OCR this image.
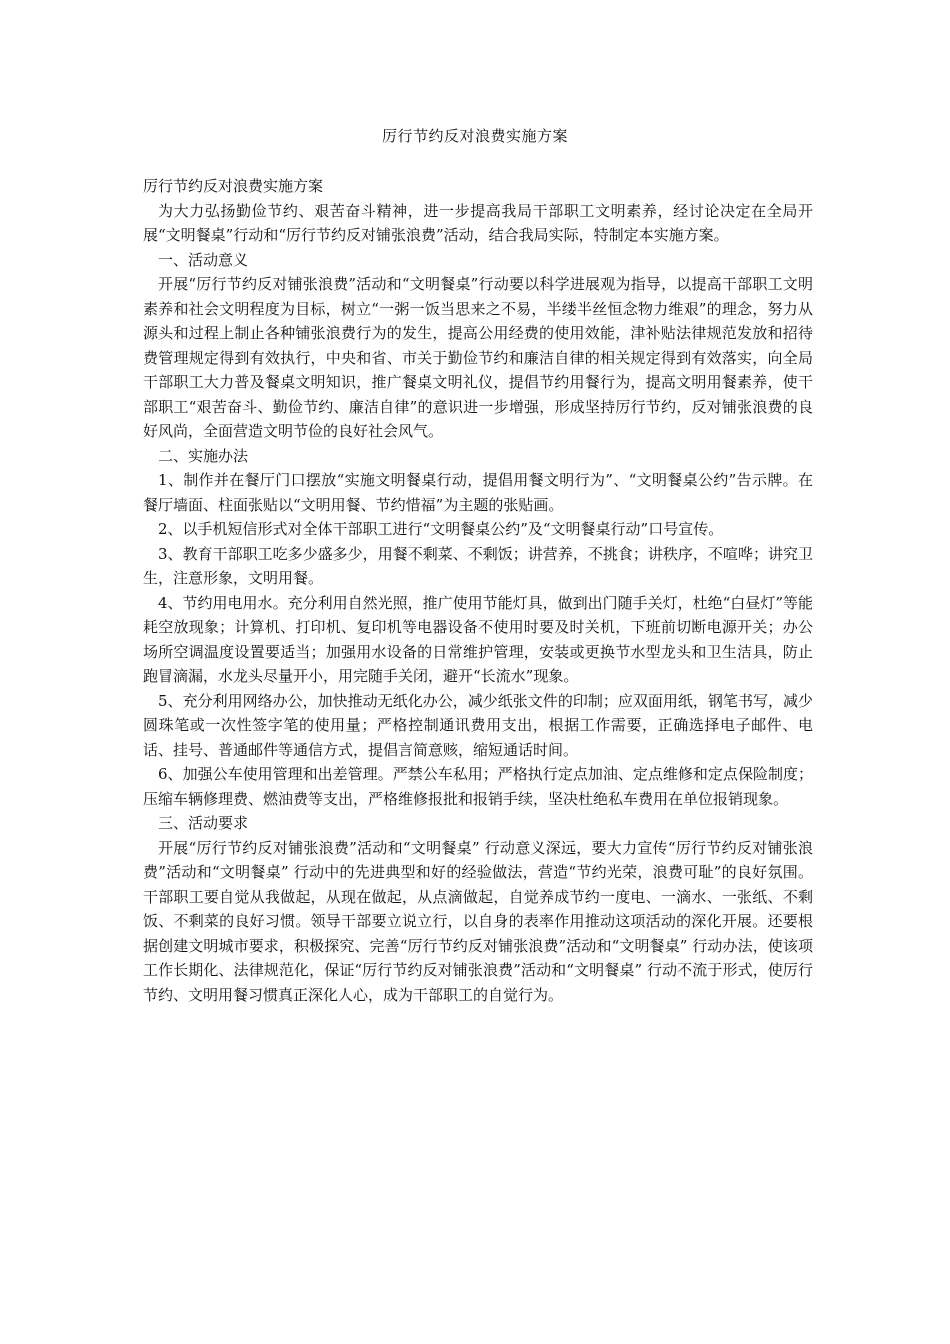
厉行节约反对浪费实施方案

厉行节约反对浪费实施方案

为大力弘扬勤俭节约、艰苦奋斗精神，进一步提高我局干部职工文明素养，经讨论决定在全局开展“文明餐桌”行动和“厉行节约反对铺张浪费”活动，结合我局实际，特制定本实施方案。

一、活动意义

开展“厉行节约反对铺张浪费”活动和“文明餐桌”行动要以科学进展观为指导，以提高干部职工文明素养和社会文明程度为目标，树立“一粥一饭当思来之不易，半缕半丝恒念物力维艰”的理念，努力从源头和过程上制止各种铺张浪费行为的发生，提高公用经费的使用效能，津补贴法律规范发放和招待费管理规定得到有效执行，中央和省、市关于勤俭节约和廉洁自律的相关规定得到有效落实，向全局干部职工大力普及餐桌文明知识，推广餐桌文明礼仪，提倡节约用餐行为，提高文明用餐素养，使干部职工“艰苦奋斗、勤俭节约、廉洁自律”的意识进一步增强，形成坚持厉行节约，反对铺张浪费的良好风尚，全面营造文明节俭的良好社会风气。

二、实施办法

1、制作并在餐厅门口摆放“实施文明餐桌行动，提倡用餐文明行为”、“文明餐桌公约”告示牌。在餐厅墙面、柱面张贴以“文明用餐、节约惜福”为主题的张贴画。

2、以手机短信形式对全体干部职工进行“文明餐桌公约”及“文明餐桌行动”口号宣传。

3、教育干部职工吃多少盛多少，用餐不剩菜、不剩饭；讲营养，不挑食；讲秩序，不喧哗；讲究卫生，注意形象，文明用餐。

4、节约用电用水。充分利用自然光照，推广使用节能灯具，做到出门随手关灯，杜绝“白昼灯”等能耗空放现象；计算机、打印机、复印机等电器设备不使用时要及时关机，下班前切断电源开关；办公场所空调温度设置要适当；加强用水设备的日常维护管理，安装或更换节水型龙头和卫生洁具，防止跑冒滴漏，水龙头尽量开小，用完随手关闭，避开“长流水”现象。

5、充分利用网络办公，加快推动无纸化办公，减少纸张文件的印制；应双面用纸，钢笔书写，减少圆珠笔或一次性签字笔的使用量；严格控制通讯费用支出，根据工作需要，正确选择电子邮件、电话、挂号、普通邮件等通信方式，提倡言简意赅，缩短通话时间。

6、加强公车使用管理和出差管理。严禁公车私用；严格执行定点加油、定点维修和定点保险制度；压缩车辆修理费、燃油费等支出，严格维修报批和报销手续，坚决杜绝私车费用在单位报销现象。

三、活动要求

开展“厉行节约反对铺张浪费”活动和“文明餐桌” 行动意义深远，要大力宣传“厉行节约反对铺张浪费”活动和“文明餐桌” 行动中的先进典型和好的经验做法，营造“节约光荣，浪费可耻”的良好氛围。干部职工要自觉从我做起，从现在做起，从点滴做起，自觉养成节约一度电、一滴水、一张纸、不剩饭、不剩菜的良好习惯。领导干部要立说立行，以自身的表率作用推动这项活动的深化开展。还要根据创建文明城市要求，积极探究、完善“厉行节约反对铺张浪费”活动和“文明餐桌” 行动办法，使该项工作长期化、法律规范化，保证“厉行节约反对铺张浪费”活动和“文明餐桌” 行动不流于形式，使厉行节约、文明用餐习惯真正深化人心，成为干部职工的自觉行为。
